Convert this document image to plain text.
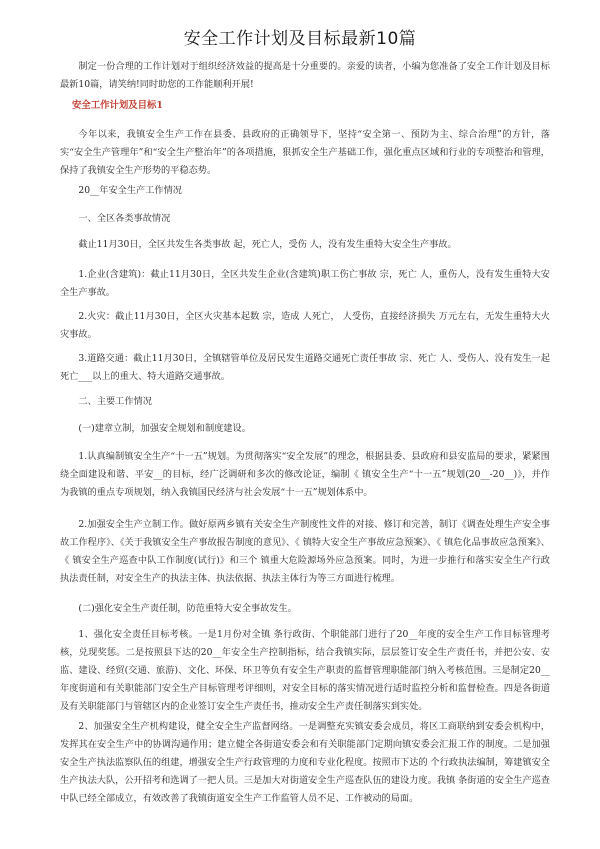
安全工作计划及目标最新10篇

制定一份合理的工作计划对于组织经济效益的提高是十分重要的。亲爱的读者，小编为您准备了安全工作计划及目标最新10篇，请笑纳!同时助您的工作能顺利开展!

安全工作计划及目标1

今年以来，我镇安全生产工作在县委、县政府的正确领导下，坚持“安全第一、预防为主、综合治理”的方针，落实“安全生产管理年”和“安全生产整治年”的各项措施，狠抓安全生产基础工作，强化重点区域和行业的专项整治和管理，保持了我镇安全生产形势的平稳态势。

20__年安全生产工作情况

一、全区各类事故情况

截止11月30日，全区共发生各类事故 起，死亡人，受伤 人，没有发生重特大安全生产事故。

1.企业(含建筑)：截止11月30日，全区共发生企业(含建筑)职工伤亡事故 宗，死亡 人，重伤人，没有发生重特大安全生产事故。

2.火灾：截止11月30日，全区火灾基本起数 宗，造成 人死亡， 人受伤，直接经济损失 万元左右，无发生重特大火灾事故。

3.道路交通：截止11月30日，全镇辖管单位及居民发生道路交通死亡责任事故 宗、死亡 人、受伤人、没有发生一起死亡___以上的重大、特大道路交通事故。

二、主要工作情况

(一)建章立制，加强安全规划和制度建设。

1.认真编制镇安全生产“十一五”规划。为贯彻落实“安全发展”的理念，根据县委、县政府和县安监局的要求，紧紧围绕全面建设和谐、平安__的目标，经广泛调研和多次的修改论证，编制《 镇安全生产“十一五”规划(20__-20__)》，并作为我镇的重点专项规划，纳入我镇国民经济与社会发展“十一五”规划体系中。

2.加强安全生产立制工作。做好原两乡镇有关安全生产制度性文件的对接、修订和完善，制订《调查处理生产安全事故工作程序》、《关于我镇安全生产事故报告制度的意见》、《 镇特大安全生产事故应急预案》、《 镇危化品事故应急预案》、《 镇安全生产巡查中队工作制度(试行)》和三个 镇重大危险源场外应急预案。同时，为进一步推行和落实安全生产行政执法责任制，对安全生产的执法主体、执法依据、执法主体行为等三方面进行梳理。

(二)强化安全生产责任制，防范重特大安全事故发生。

1、强化安全责任目标考核。一是1月份对全镇 条行政街、个职能部门进行了20__年度的安全生产工作目标管理考核，兑现奖惩。二是按照县下达的20__年安全生产控制指标，结合我镇实际，层层签订安全生产责任书，并把公安、安监、建设、经贸(交通、旅游)、文化、环保、环卫等负有安全生产职责的监督管理职能部门纳入考核范围。三是制定20__年度街道和有关职能部门安全生产目标管理考评细则，对安全目标的落实情况进行适时监控分析和监督检查。四是各街道及有关职能部门与管辖区内的企业签订安全生产责任书，推动安全生产责任制落实到实处。

2、加强安全生产机构建设，健全安全生产监督网络。一是调整充实镇安委会成员，将区工商联纳到安委会机构中，发挥其在安全生产中的协调沟通作用；建立健全各街道安委会和有关职能部门定期向镇安委会汇报工作的制度。二是加强安全生产执法监察队伍的组建，增强安全生产行政管理的力度和专业化程度。按照市下达的 个行政执法编制，筹建镇安全生产执法大队，公开招考和选调了一把人员。三是加大对街道安全生产巡查队伍的建设力度。我镇 条街道的安全生产巡查中队已经全部成立，有效改善了我镇街道安全生产工作监管人员不足、工作被动的局面。
